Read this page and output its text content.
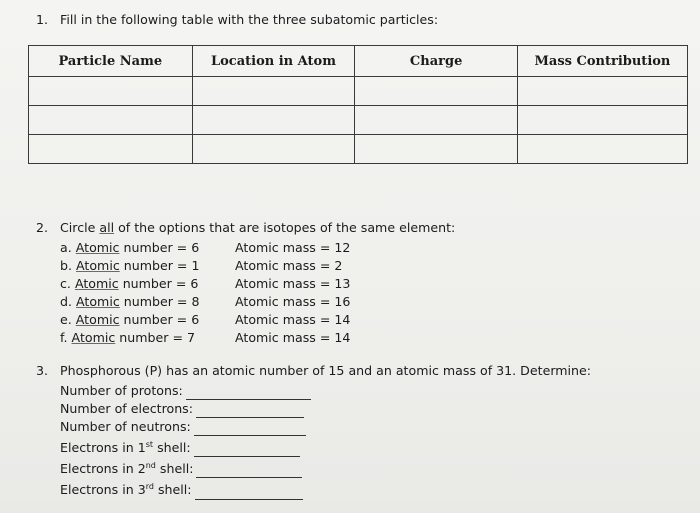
1. Fill in the following table with the three subatomic particles:
Particle Name	Location in Atom	Charge	Mass Contribution

2. Circle all of the options that are isotopes of the same element:
a. Atomic number = 6	Atomic mass = 12
b. Atomic number = 1	Atomic mass = 2
c. Atomic number = 6	Atomic mass = 13
d. Atomic number = 8	Atomic mass = 16
e. Atomic number = 6	Atomic mass = 14
f. Atomic number = 7	Atomic mass = 14
3. Phosphorous (P) has an atomic number of 15 and an atomic mass of 31. Determine:
Number of protons:
Number of electrons:
Number of neutrons:
Electrons in 1st shell:
Electrons in 2nd shell:
Electrons in 3rd shell:
